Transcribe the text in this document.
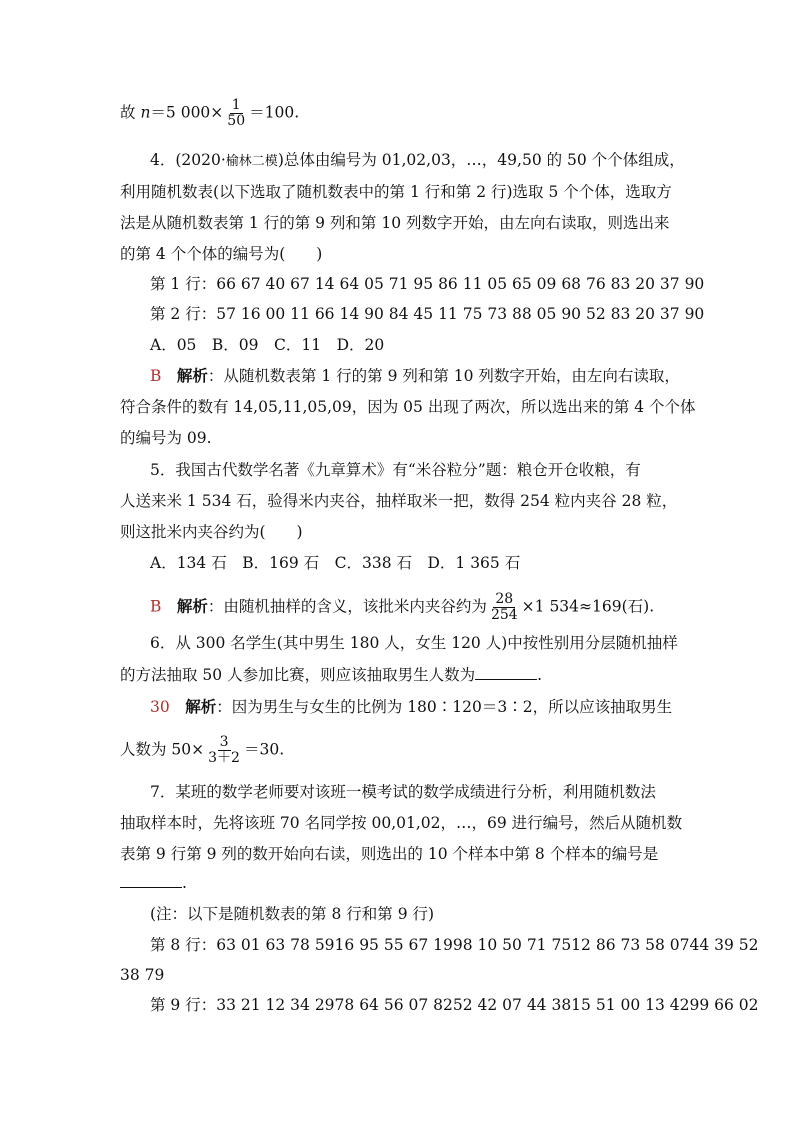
故 n＝5 $000\times \frac{1}{50} =100$.
4．(2020·榆林二模)总体由编号为 01,02,03，…，49,50 的 50 个个体组成，
利用随机数表(以下选取了随机数表中的第 1 行和第 2 行)选取 5 个个体，选取方
法是从随机数表第 1 行的第 9 列和第 10 列数字开始，由左向右读取，则选出来
的第 4 个个体的编号为(　　)
第 1 行：66 67 40 67 14 64 05 71 95 86 11 05 65 09 68 76 83 20 37 90
第 2 行：57 16 00 11 66 14 90 84 45 11 75 73 88 05 90 52 83 20 37 90
A．05　B．09　C．11　D．20
B　 解析：从随机数表第 1 行的第 9 列和第 10 列数字开始，由左向右读取，
符合条件的数有 14,05,11,05,09，因为 05 出现了两次，所以选出来的第 4 个个体
的编号为 09.
5．我国古代数学名著《九章算术》有“米谷粒分”题：粮仓开仓收粮，有
人送来米 1 534 石，验得米内夹谷，抽样取米一把，数得 254 粒内夹谷 28 粒，
则这批米内夹谷约为(　　)
A．134 石　B．169 石　C．338 石　D．1 365 石
B　 解析：由随机抽样的含义，该批米内夹谷约为 $\frac{28}{254} \times 1$ 534≈169(石).
6．从 300 名学生(其中男生 180 人，女生 120 人)中按性别用分层随机抽样
的方法抽取 50 人参加比赛，则应该抽取男生人数为	.
30　 解析：因为男生与女生的比例为 180∶120＝3∶2，所以应该抽取男生
人数为 $50\times \frac{3}{3+2} =30$.
7．某班的数学老师要对该班一模考试的数学成绩进行分析，利用随机数法
抽取样本时，先将该班 70 名同学按 00,01,02，…，69 进行编号，然后从随机数
表第 9 行第 9 列的数开始向右读，则选出的 10 个样本中第 8 个样本的编号是
.
(注：以下是随机数表的第 8 行和第 9 行)
第 8 行：63 01 63 78 5916 95 55 67 1998 10 50 71 7512 86 73 58 0744 39 52
38 79
第 9 行：33 21 12 34 2978 64 56 07 8252 42 07 44 3815 51 00 13 4299 66 02
